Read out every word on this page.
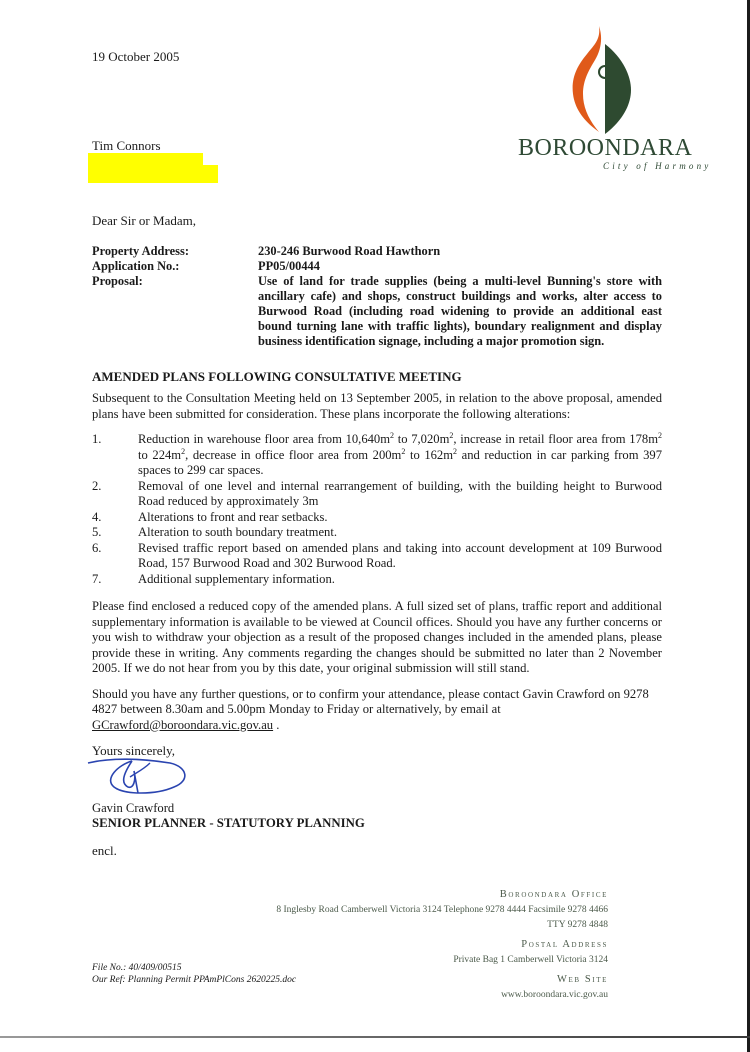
19 October 2005
Tim Connors	BOROONDARA
City of Harmony
Dear Sir or Madam,
Property Address:	230-246 Burwood Road Hawthorn
Application No.:	PP05/00444
Proposal:	Use of land for trade supplies (being a multi-level Bunning's store with ancillary cafe) and shops, construct buildings and works, alter access to Burwood Road (including road widening to provide an additional east bound turning lane with traffic lights), boundary realignment and display business identification signage, including a major promotion sign.
AMENDED PLANS FOLLOWING CONSULTATIVE MEETING
Subsequent to the Consultation Meeting held on 13 September 2005, in relation to the above proposal, amended plans have been submitted for consideration. These plans incorporate the following alterations:
1.	Reduction in warehouse floor area from $10,640m^2$ to $7,020m^2$, increase in retail floor area from $178m^2$ to $224m^2$, decrease in office floor area from $200m^2$ to $162m^2$ and reduction in car parking from 397 spaces to 299 car spaces.
2.	Removal of one level and internal rearrangement of building, with the building height to Burwood Road reduced by approximately 3m
4.	Alterations to front and rear setbacks.
5.	Alteration to south boundary treatment.
6.	Revised traffic report based on amended plans and taking into account development at 109 Burwood Road, 157 Burwood Road and 302 Burwood Road.
7.	Additional supplementary information.
Please find enclosed a reduced copy of the amended plans. A full sized set of plans, traffic report and additional supplementary information is available to be viewed at Council offices. Should you have any further concerns or you wish to withdraw your objection as a result of the proposed changes included in the amended plans, please provide these in writing. Any comments regarding the changes should be submitted no later than 2 November 2005. If we do not hear from you by this date, your original submission will still stand.
Should you have any further questions, or to confirm your attendance, please contact Gavin Crawford on 9278 4827 between 8.30am and 5.00pm Monday to Friday or alternatively, by email at
GCrawford@boroondara.vic.gov.au .
Yours sincerely,
Gavin Crawford
SENIOR PLANNER - STATUTORY PLANNING
encl.
Boroondara Office
8 Inglesby Road Camberwell Victoria 3124 Telephone 9278 4444 Facsimile 9278 4466
TTY 9278 4848
Postal Address
Private Bag 1 Camberwell Victoria 3124
Web Site
www.boroondara.vic.gov.au
File No.: 40/409/00515
Our Ref: Planning Permit PPAmPlCons 2620225.doc
